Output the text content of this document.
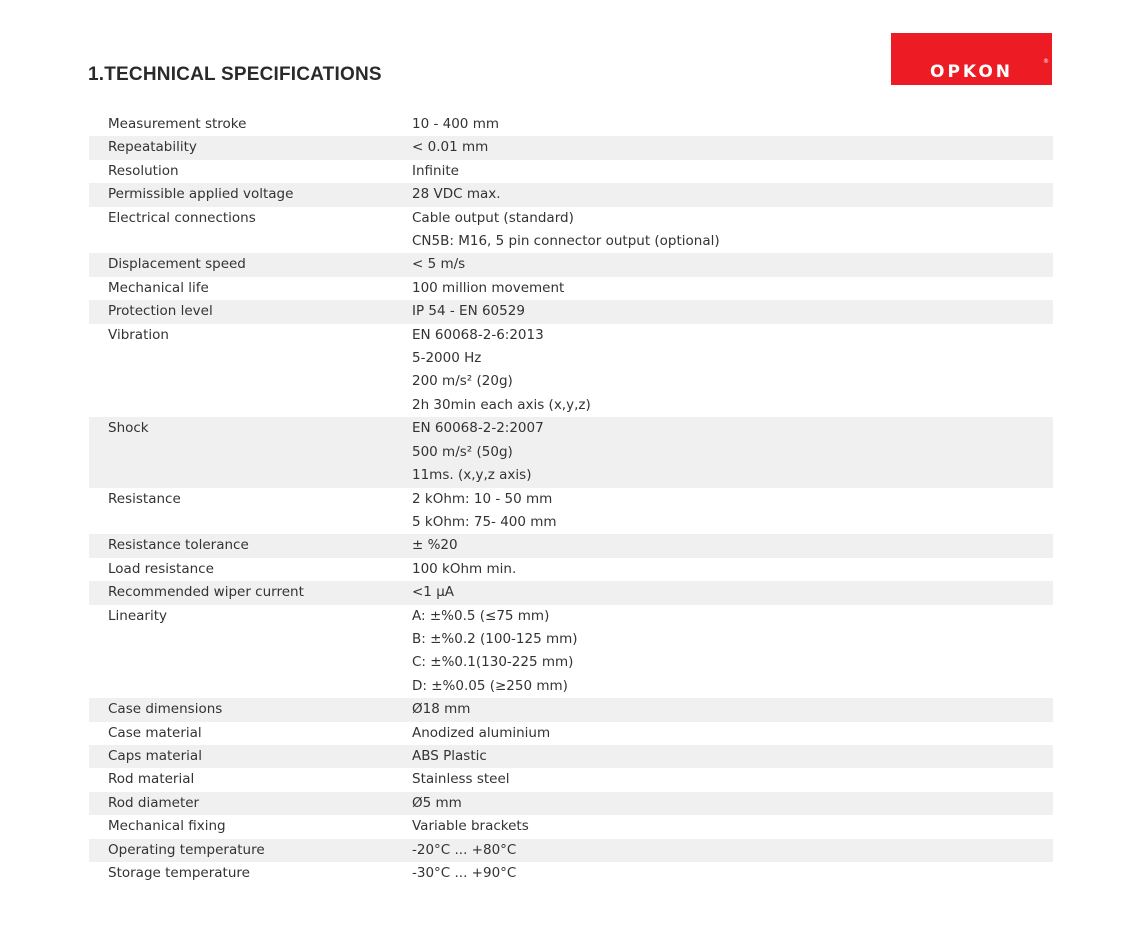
1.TECHNICAL SPECIFICATIONS	OPKON
®
Measurement stroke	10 - 400 mm
Repeatability	< 0.01 mm
Resolution	Infinite
Permissible applied voltage	28 VDC max.
Electrical connections	Cable output (standard)
CN5B: M16, 5 pin connector output (optional)
Displacement speed	< 5 m/s
Mechanical life	100 million movement
Protection level	IP 54 - EN 60529
Vibration	EN 60068-2-6:2013
5-2000 Hz
200 m/s² (20g)
2h 30min each axis (x,y,z)
Shock	EN 60068-2-2:2007
500 m/s² (50g)
11ms. (x,y,z axis)
Resistance	2 kOhm: 10 - 50 mm
5 kOhm: 75- 400 mm
Resistance tolerance	± %20
Load resistance	100 kOhm min.
Recommended wiper current	<1 µA
Linearity	A: ±%0.5 (≤75 mm)
B: ±%0.2 (100-125 mm)
C: ±%0.1(130-225 mm)
D: ±%0.05 (≥250 mm)
Case dimensions	Ø18 mm
Case material	Anodized aluminium
Caps material	ABS Plastic
Rod material	Stainless steel
Rod diameter	Ø5 mm
Mechanical fixing	Variable brackets
Operating temperature	-20°C ... +80°C
Storage temperature	-30°C ... +90°C
